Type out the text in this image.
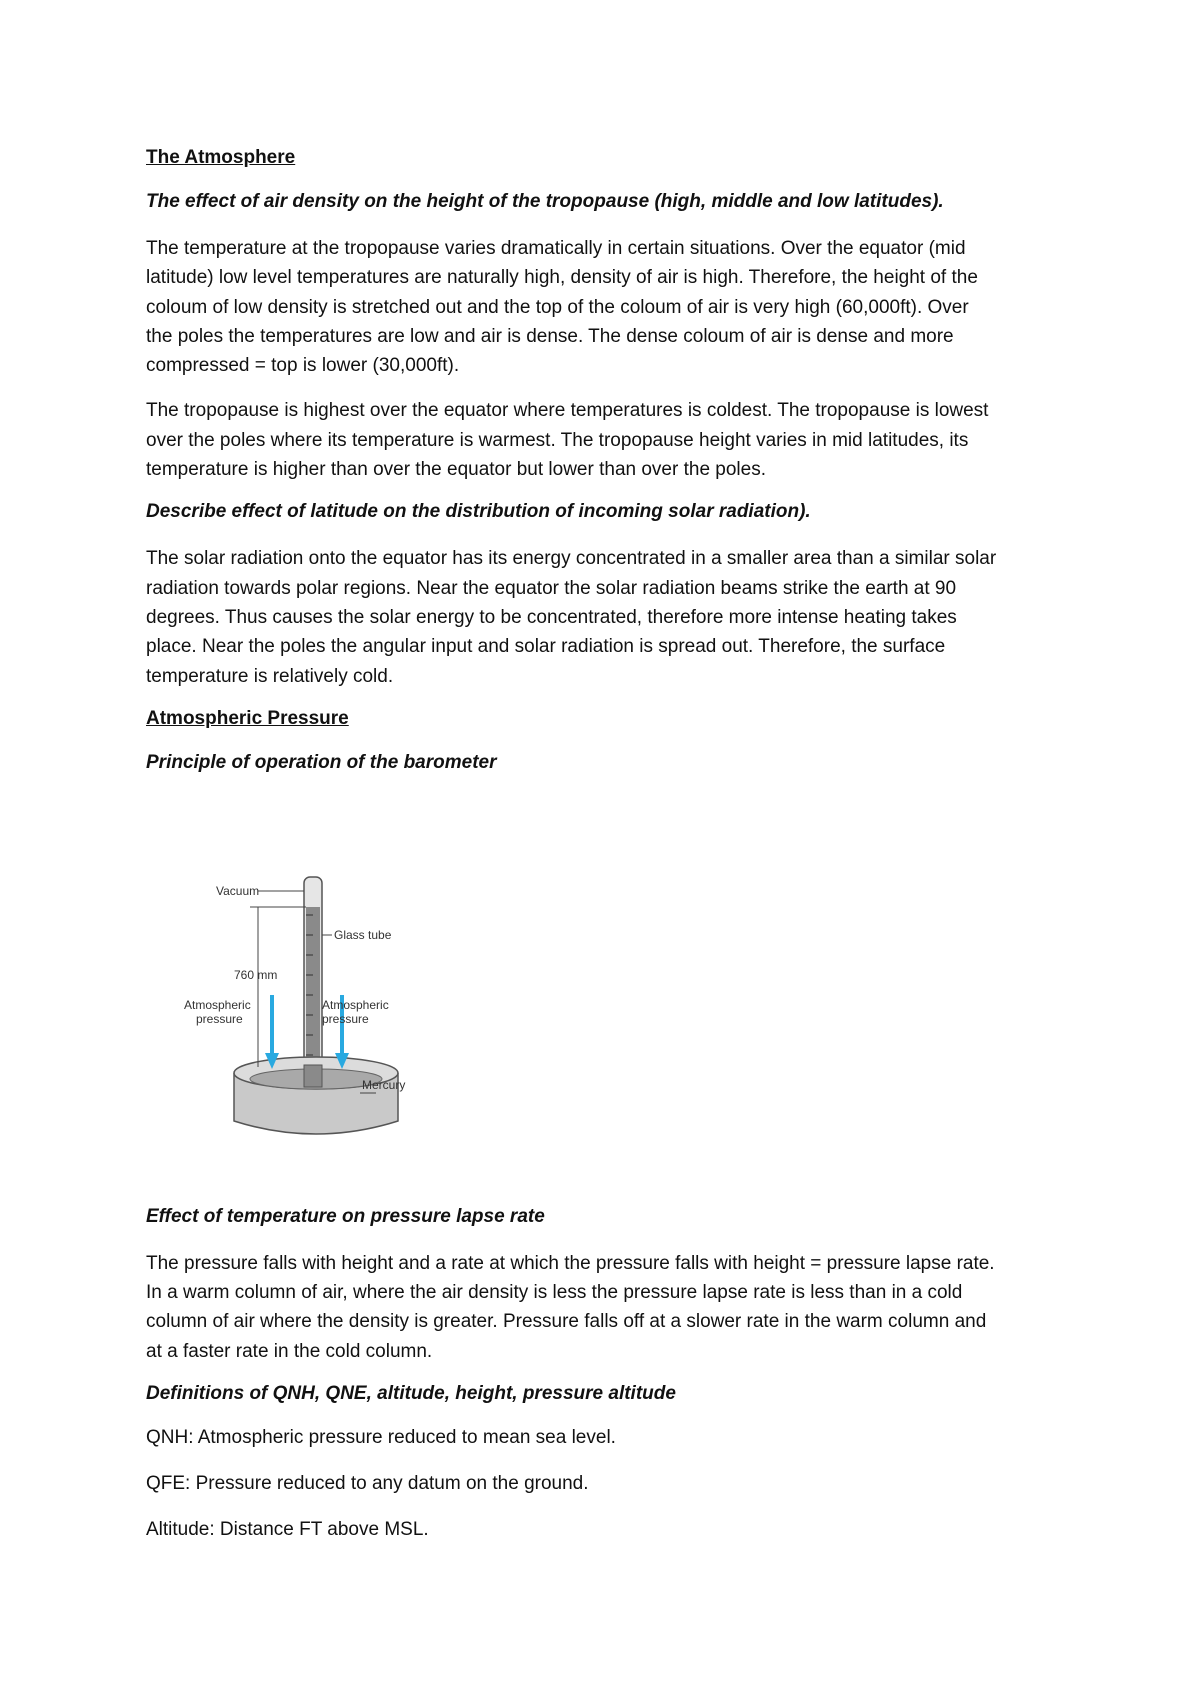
The Atmosphere
The effect of air density on the height of the tropopause (high, middle and low latitudes).
The temperature at the tropopause varies dramatically in certain situations. Over the equator (mid
latitude) low level temperatures are naturally high, density of air is high. Therefore, the height of the
coloum of low density is stretched out and the top of the coloum of air is very high (60,000ft). Over
the poles the temperatures are low and air is dense. The dense coloum of air is dense and more
compressed = top is lower (30,000ft).
The tropopause is highest over the equator where temperatures is coldest. The tropopause is lowest
over the poles where its temperature is warmest. The tropopause height varies in mid latitudes, its
temperature is higher than over the equator but lower than over the poles.
Describe effect of latitude on the distribution of incoming solar radiation).
The solar radiation onto the equator has its energy concentrated in a smaller area than a similar solar
radiation towards polar regions. Near the equator the solar radiation beams strike the earth at 90
degrees. Thus causes the solar energy to be concentrated, therefore more intense heating takes
place. Near the poles the angular input and solar radiation is spread out. Therefore, the surface
temperature is relatively cold.
Atmospheric Pressure
Principle of operation of the barometer
Vacuum
Glass tube
760 mm
Atmospheric
pressure
Atmospheric
pressure
Mercury
Effect of temperature on pressure lapse rate
The pressure falls with height and a rate at which the pressure falls with height = pressure lapse rate.
In a warm column of air, where the air density is less the pressure lapse rate is less than in a cold
column of air where the density is greater. Pressure falls off at a slower rate in the warm column and
at a faster rate in the cold column.
Definitions of QNH, QNE, altitude, height, pressure altitude
QNH: Atmospheric pressure reduced to mean sea level.
QFE: Pressure reduced to any datum on the ground.
Altitude: Distance FT above MSL.
